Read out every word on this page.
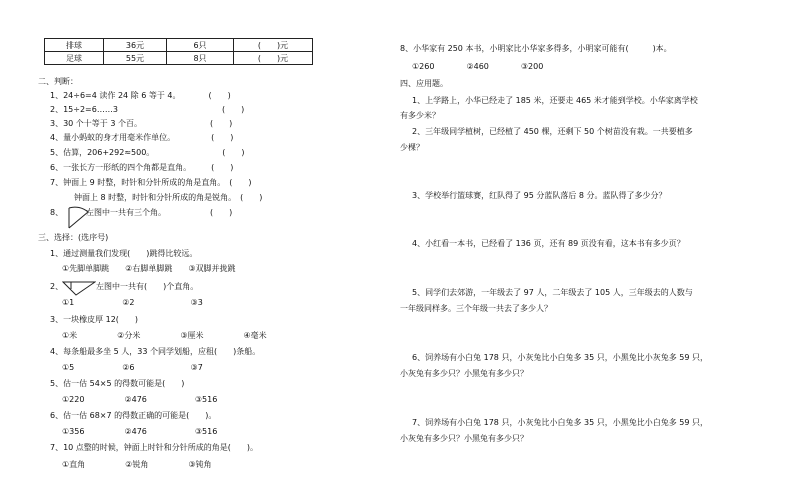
排球	36元	6只	(　　)元
足球	55元	8只	(　　)元
二、判断：
1、24÷6=4 读作 24 除 6 等于 4。　　　　(　　)
2、15÷2=6……3　　　　　　　　　　　　　(　　)
3、30 个十等于 3 个百。　　　　　　　　　(　　)
4、量小蚂蚁的身才用毫米作单位。　　　　　(　　)
5、估算，206+292≈500。　　　　　　　　　(　　)
6、一张长方一形纸的四个角都是直角。　　　(　　)
7、钟面上 9 时整，时针和分针所成的角是直角。　(　　)
钟面上 8 时整，时针和分针所成的角是锐角。　(　　)
8、	左图中一共有三个角。　　　　　　(　　)
三、选择：(选序号)
1、通过测量我们发现(　　)跳得比较远。
①先脚单脚跳　　②右脚单脚跳　　③双脚并拢跳
2、	左图中一共有(　　)个直角。
①1　　　　　　②2　　　　　　　③3
3、一块橡皮厚 12(　　)
①米　　　　　②分米　　　　　③厘米　　　　　④毫米
4、每条船最多坐 5 人，33 个同学划船，应租(　　)条船。
①5　　　　　　②6　　　　　　　③7
5、估一估 54×5 的得数可能是(　　)
①220　　　　　②476　　　　　　③516
6、估一估 68×7 的得数正确的可能是(　　)。
①356　　　　　②476　　　　　　③516
7、10 点整的时候，钟面上时针和分针所成的角是(　　)。
①直角　　　　　②锐角　　　　　③钝角
8、小华家有 250 本书，小明家比小华家多得多，小明家可能有(　　　)本。
①260　　　　②460　　　　③200
四、应用题。
1、上学路上，小华已经走了 185 米，还要走 465 米才能到学校。小华家离学校
有多少米？
2、三年级同学植树，已经植了 450 棵，还剩下 50 个树苗没有栽。一共要植多
少棵？
3、学校举行篮球赛，红队得了 95 分蓝队落后 8 分。蓝队得了多少分？
4、小红看一本书，已经看了 136 页，还有 89 页没有看，这本书有多少页？
5、同学们去郊游，一年级去了 97 人，二年级去了 105 人，三年级去的人数与
一年级同样多。三个年级一共去了多少人？
6、饲养场有小白兔 178 只，小灰兔比小白兔多 35 只，小黑兔比小灰兔多 59 只，
小灰兔有多少只？小黑兔有多少只？
7、饲养场有小白兔 178 只，小灰兔比小白兔多 35 只，小黑兔比小白兔多 59 只，
小灰兔有多少只？小黑兔有多少只？
